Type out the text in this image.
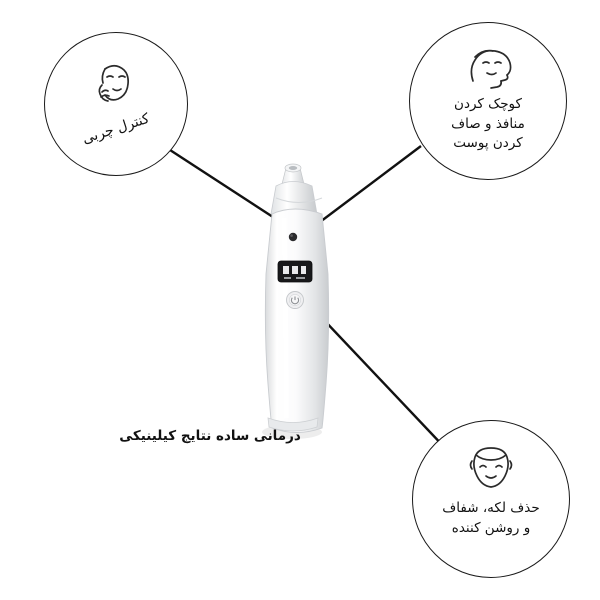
کنترل چربی
کوچک کردن
منافذ و صاف
کردن پوست
حذف لکه، شفاف
و روشن کننده
درمانی ساده نتایج کیلینیکی
